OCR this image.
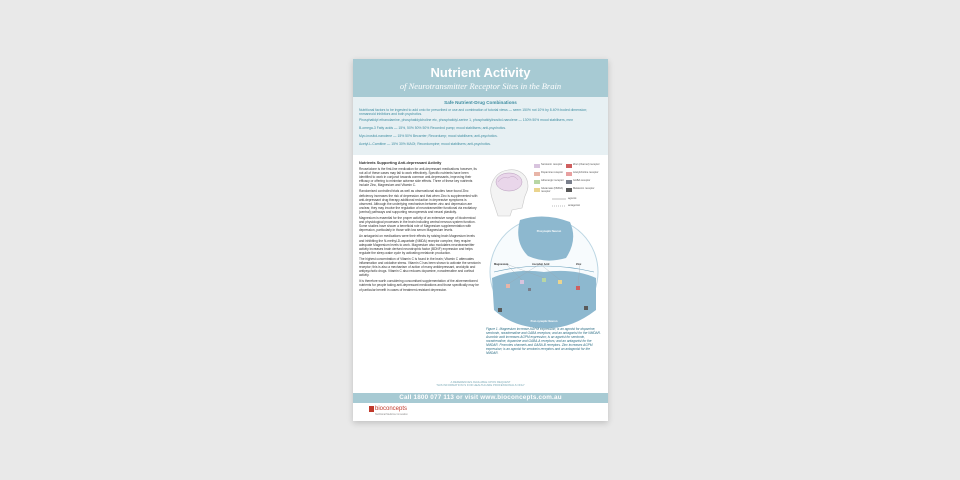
Nutrient Activity
of Neurotransmitter Receptor Sites in the Brain
Safe Nutrient-Drug Combinations
Nutritional factors to be ingested to add onto for prescribed or use and combination of tutorial views — seem 150% not 10% by 8.40% boded dimension;
nnmannoid inhibitors and both psychotics.
Phosphatidyl ethanolamine, phosphatidylcholine etc, phosphatidyl-serine 1, phosphatidylinositol-nanolene — 130% 50% mood stabilisers, mnn
B-omega-3 Fatty acids — 15%, 50% 50% 50% Recordnd pump; mood stabilisers; anti-psychotics.
Myo-inositol-nanolene — 15% 50% Becarrier; Recordump; mood stabilisers; anti-psychotics.
Acetyl-L-Carnitine — 15% 30% MAOI; Recordumpine; mood stabilisers; anti-psychotics.
Nutrients Supporting Anti-depressant Activity
Reuse/alone is the first-line medication for anti-depressant medications however, its not all of these cases may fail to work effectively. Specific nutrients have been identified to work in conjunct towards common anti-depressants, improving their efficacy or offering to minimise adverse side effects. Three of these key nutrients include Zinc, Magnesium and Vitamin C.
Randomised controlled trials as well as observational studies have found Zinc deficiency increases the risk of depression and that when Zinc is supplemented with anti-depressant drug therapy additional reduction in depressive symptoms is observed. Although the underlying mechanism between zinc and depression are unclear, they may involve the regulation of neurotransmitter functional via excitatory (central) pathways and supporting neurogenesis and neural plasticity.
Magnesium is essential for the proper activity of an extensive range of biochemical and physiological processes in the brain including central nervous system function. Some studies have shown a beneficial role of Magnesium supplementation with depression, particularly in those with low serum Magnesium levels.
An antagonist on medications were their effects by raising brain Magnesium levels and inhibiting the N-methyl-D-aspartate (NMDA) receptor complex; they require adequate Magnesium levels to work. Magnesium also modulates neurotransmitter activity increases brain derived neurotrophic factor (BDNF) expression and helps regulate the sleep-wake cycle by activating melatonin production.
The highest concentration of Vitamin C is found in the brain; Vitamin C attenuates inflammation and oxidative stress. Vitamin C has been shown to activate the serotonin receptor; this is also a mechanism of action of many antidepressant, anxiolytic and antipsychotic drugs. Vitamin C also reduces dopamine, noradrenaline and cortisol activity.
It is therefore worth considering concomitant supplementation of the aforementioned nutrients for people taking anti-depressant medications and those specifically may be of particular benefit in cases of treatment-resistant depression.
Serotonin receptor
Dopamine receptor
Adrenergic receptor
Glutamate (NMDA) receptor
Zinc (channel) receptor
Acetylcholine receptor
GABA receptor
Melatonin receptor
agonist
antagonist
Presynaptic Neuron
Magnesium	Ascorbic Acid	Zinc
Post-synaptic Neuron
Figure 1. Magnesium increase AGPM expression; is an agonist for dopamine, serotonin, noradrenaline and GABA receptors; and an antagonist for the NMDAR. Ascorbic acid increases AGPM expression; is an agonist for serotonin, noradrenaline, dopamine and GABA-A receptors; and an antagonist for the NMDAR. Promotes channels and GABA-B receptors. Zinc increases AGPM expression; is an agonist for serotonin receptors and an antagonist for the NMDAR.
A REFERENCES AVAILABLE UPON REQUEST
THIS INFORMATION IS FOR HEALTHCARE PROFESSIONALS ONLY
Call 1800 077 113 or visit www.bioconcepts.com.au
bioconcepts
Nutritional Medicine Innovation
